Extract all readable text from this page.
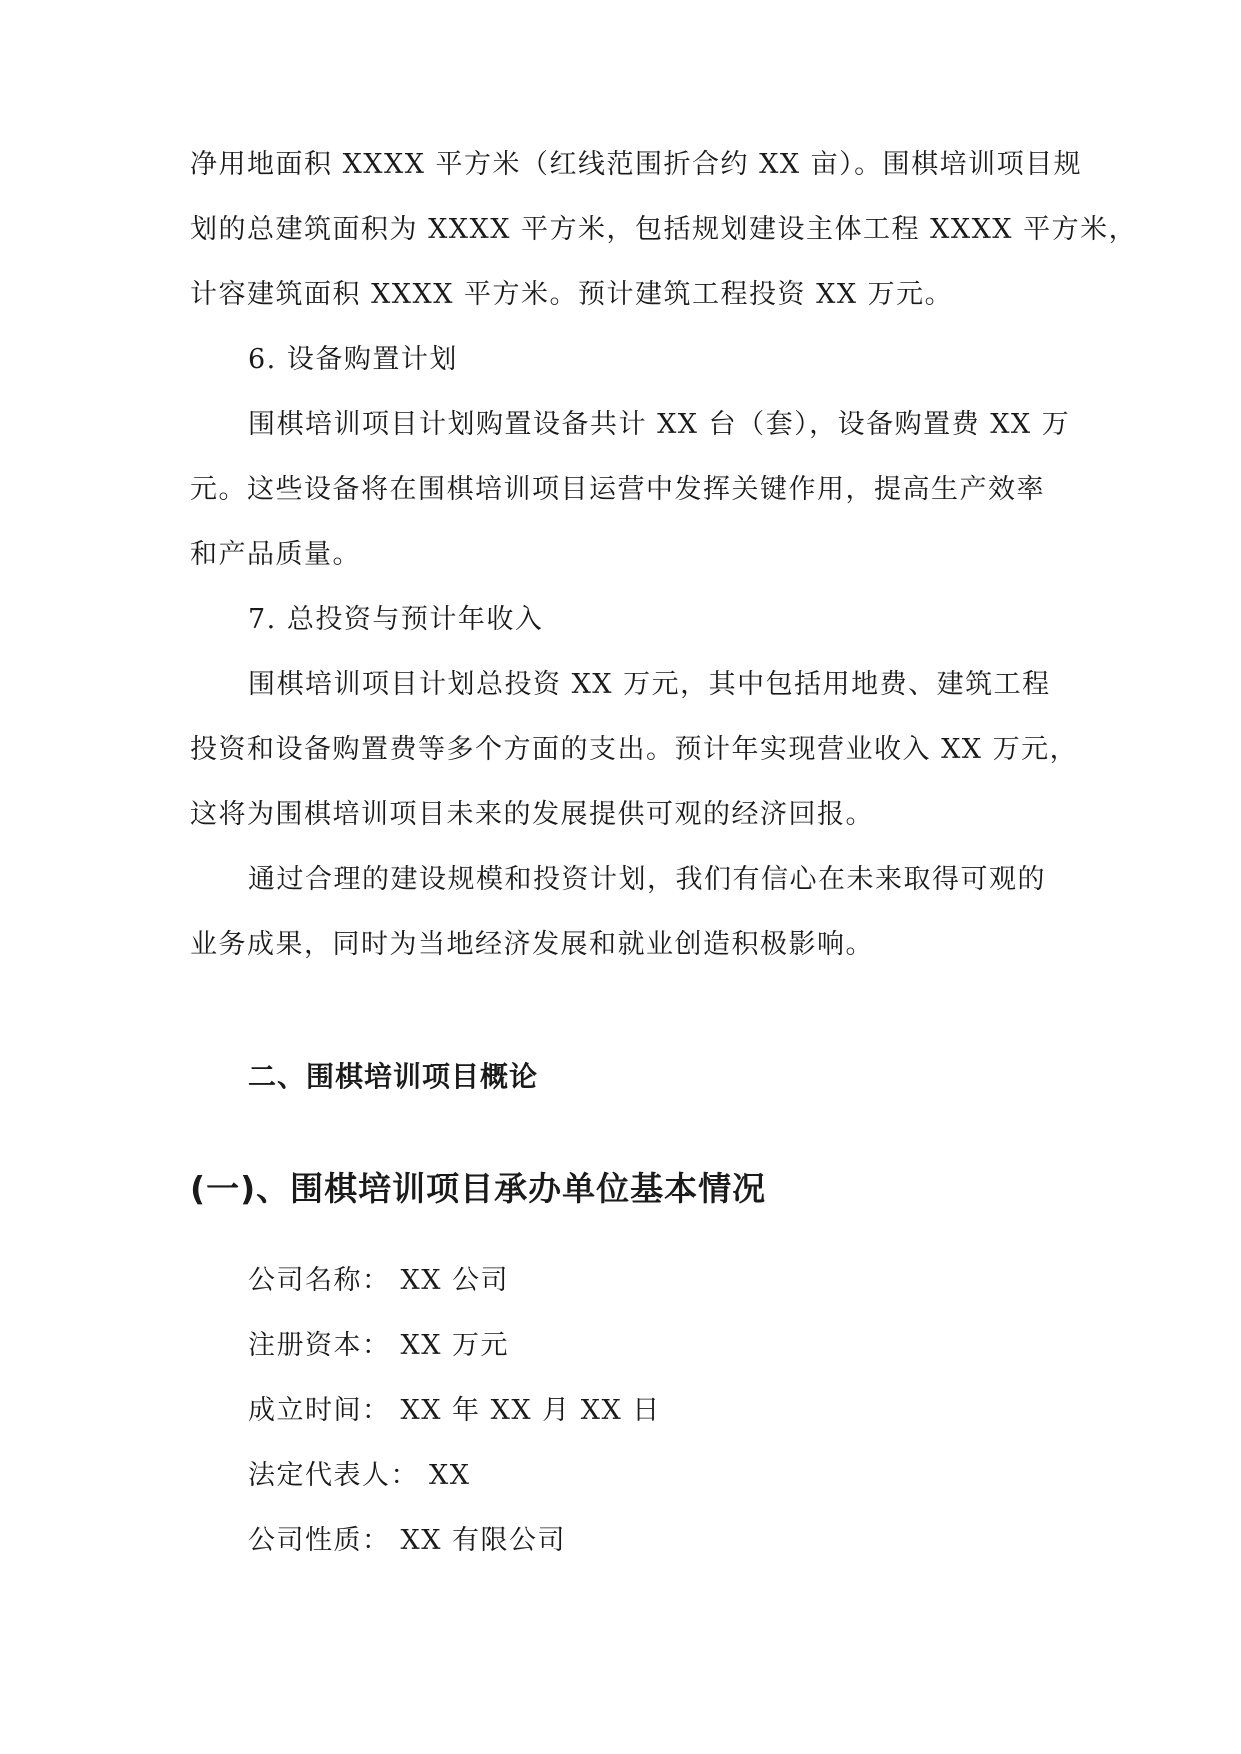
净用地面积 XXXX 平方米（红线范围折合约 XX 亩）。围棋培训项目规
划的总建筑面积为 XXXX 平方米，包括规划建设主体工程 XXXX 平方米，
计容建筑面积 XXXX 平方米。预计建筑工程投资 XX 万元。
6. 设备购置计划
围棋培训项目计划购置设备共计 XX 台（套），设备购置费 XX 万
元。这些设备将在围棋培训项目运营中发挥关键作用，提高生产效率
和产品质量。
7. 总投资与预计年收入
围棋培训项目计划总投资 XX 万元，其中包括用地费、建筑工程
投资和设备购置费等多个方面的支出。预计年实现营业收入 XX 万元，
这将为围棋培训项目未来的发展提供可观的经济回报。
通过合理的建设规模和投资计划，我们有信心在未来取得可观的
业务成果，同时为当地经济发展和就业创造积极影响。
二、围棋培训项目概论
(一)、围棋培训项目承办单位基本情况
公司名称： XX 公司
注册资本： XX 万元
成立时间： XX 年 XX 月 XX 日
法定代表人： XX
公司性质： XX 有限公司
